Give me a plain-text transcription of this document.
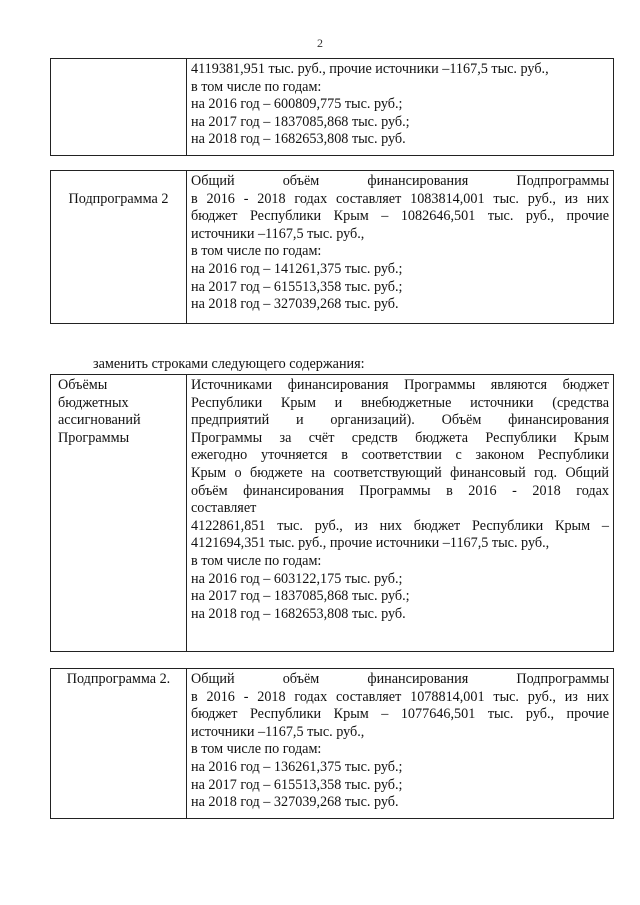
2

4119381,951 тыс. руб., прочие источники –1167,5 тыс. руб.,
в том числе по годам:
на 2016 год – 600809,775 тыс. руб.;
на 2017 год – 1837085,868 тыс. руб.;
на 2018 год – 1682653,808 тыс. руб.
Подпрограмма 2

Общий объём финансирования Подпрограммы
в 2016 - 2018 годах составляет 1083814,001 тыс. руб., из них
бюджет Республики Крым – 1082646,501 тыс. руб., прочие
источники –1167,5 тыс. руб.,
в том числе по годам:
на 2016 год – 141261,375 тыс. руб.;
на 2017 год – 615513,358 тыс. руб.;
на 2018 год – 327039,268 тыс. руб.
заменить строками следующего содержания:
Объёмы
бюджетных
ассигнований
Программы

Источниками финансирования Программы являются бюджет
Республики Крым и внебюджетные источники (средства
предприятий и организаций). Объём финансирования
Программы за счёт средств бюджета Республики Крым
ежегодно уточняется в соответствии с законом Республики
Крым о бюджете на соответствующий финансовый год. Общий
объём финансирования Программы в 2016 - 2018 годах
составляет
4122861,851 тыс. руб., из них бюджет Республики Крым –
4121694,351 тыс. руб., прочие источники –1167,5 тыс. руб.,
в том числе по годам:
на 2016 год – 603122,175 тыс. руб.;
на 2017 год – 1837085,868 тыс. руб.;
на 2018 год – 1682653,808 тыс. руб.
Подпрограмма 2.	Общий объём финансирования Подпрограммы
в 2016 - 2018 годах составляет 1078814,001 тыс. руб., из них
бюджет Республики Крым – 1077646,501 тыс. руб., прочие
источники –1167,5 тыс. руб.,
в том числе по годам:
на 2016 год – 136261,375 тыс. руб.;
на 2017 год – 615513,358 тыс. руб.;
на 2018 год – 327039,268 тыс. руб.
